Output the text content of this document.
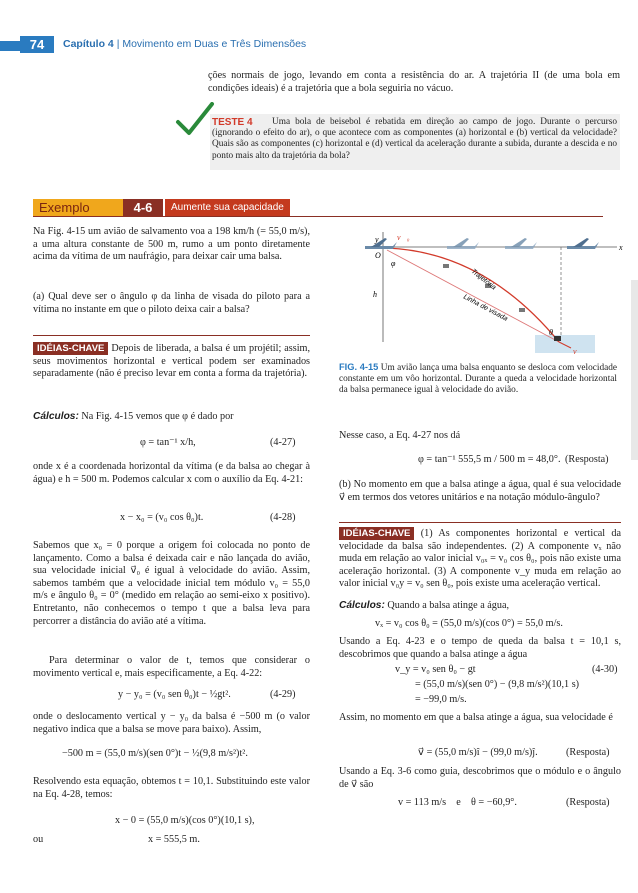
74	Capítulo 4 | Movimento em Duas e Três Dimensões
ções normais de jogo, levando em conta a resistência do ar. A trajetória II (de uma bola em condições ideais) é a trajetória que a bola seguiria no vácuo.
TESTE 4	Uma bola de beisebol é rebatida em direção ao campo de jogo. Durante o percurso (ignorando o efeito do ar), o que acontece com as componentes (a) horizontal e (b) vertical da velocidade? Quais são as componentes (c) horizontal e (d) vertical da aceleração durante a subida, durante a descida e no ponto mais alto da trajetória da bola?
Exemplo	4-6	Aumente sua capacidade
Na Fig. 4-15 um avião de salvamento voa a 198 km/h (= 55,0 m/s), a uma altura constante de 500 m, rumo a um ponto diretamente acima da vítima de um naufrágio, para deixar cair uma balsa.
(a) Qual deve ser o ângulo φ da linha de visada do piloto para a vítima no instante em que o piloto deixa cair a balsa?
IDÉIAS-CHAVE Depois de liberada, a balsa é um projétil; assim, seus movimentos horizontal e vertical podem ser examinados separadamente (não é preciso levar em conta a forma da trajetória).
Cálculos: Na Fig. 4-15 vemos que φ é dado por
φ = tan⁻¹ x/h,	(4-27)
onde x é a coordenada horizontal da vítima (e da balsa ao chegar à água) e h = 500 m. Podemos calcular x com o auxílio da Eq. 4-21:
x − x₀ = (v₀ cos θ₀)t.	(4-28)
Sabemos que x₀ = 0 porque a origem foi colocada no ponto de lançamento. Como a balsa é deixada cair e não lançada do avião, sua velocidade inicial v⃗₀ é igual à velocidade do avião. Assim, sabemos também que a velocidade inicial tem módulo v₀ = 55,0 m/s e ângulo θ₀ = 0° (medido em relação ao semi-eixo x positivo). Entretanto, não conhecemos o tempo t que a balsa leva para percorrer a distância do avião até a vítima.
Para determinar o valor de t, temos que considerar o movimento vertical e, mais especificamente, a Eq. 4-22:
y − y₀ = (v₀ sen θ₀)t − ½gt².	(4-29)
onde o deslocamento vertical y − y₀ da balsa é −500 m (o valor negativo indica que a balsa se move para baixo). Assim,
−500 m = (55,0 m/s)(sen 0°)t − ½(9,8 m/s²)t².
Resolvendo esta equação, obtemos t = 10,1. Substituindo este valor na Eq. 4-28, temos:
x − 0 = (55,0 m/s)(cos 0°)(10,1 s),
ou	x = 555,5 m.
y
x
O
φ
h
v⃗₀
θ
v⃗
Trajetória
Linha de visada
FIG. 4-15 Um avião lança uma balsa enquanto se desloca com velocidade constante em um vôo horizontal. Durante a queda a velocidade horizontal da balsa permanece igual à velocidade do avião.
Nesse caso, a Eq. 4-27 nos dá
φ = tan⁻¹ 555,5 m / 500 m = 48,0°. (Resposta)
(b) No momento em que a balsa atinge a água, qual é sua velocidade v⃗ em termos dos vetores unitários e na notação módulo-ângulo?
IDÉIAS-CHAVE (1) As componentes horizontal e vertical da velocidade da balsa são independentes. (2) A componente vₓ não muda em relação ao valor inicial v₀ₓ = v₀ cos θ₀, pois não existe uma aceleração horizontal. (3) A componente v_y muda em relação ao valor inicial v₀y = v₀ sen θ₀, pois existe uma aceleração vertical.
Cálculos: Quando a balsa atinge a água,
vₓ = v₀ cos θ₀ = (55,0 m/s)(cos 0°) = 55,0 m/s.
Usando a Eq. 4-23 e o tempo de queda da balsa t = 10,1 s, descobrimos que quando a balsa atinge a água
v_y = v₀ sen θ₀ − gt	(4-30)
= (55,0 m/s)(sen 0°) − (9,8 m/s²)(10,1 s)
= −99,0 m/s.
Assim, no momento em que a balsa atinge a água, sua velocidade é
v⃗ = (55,0 m/s)î − (99,0 m/s)ĵ.	(Resposta)
Usando a Eq. 3-6 como guia, descobrimos que o módulo e o ângulo de v⃗ são
v = 113 m/s    e    θ = −60,9°.	(Resposta)
